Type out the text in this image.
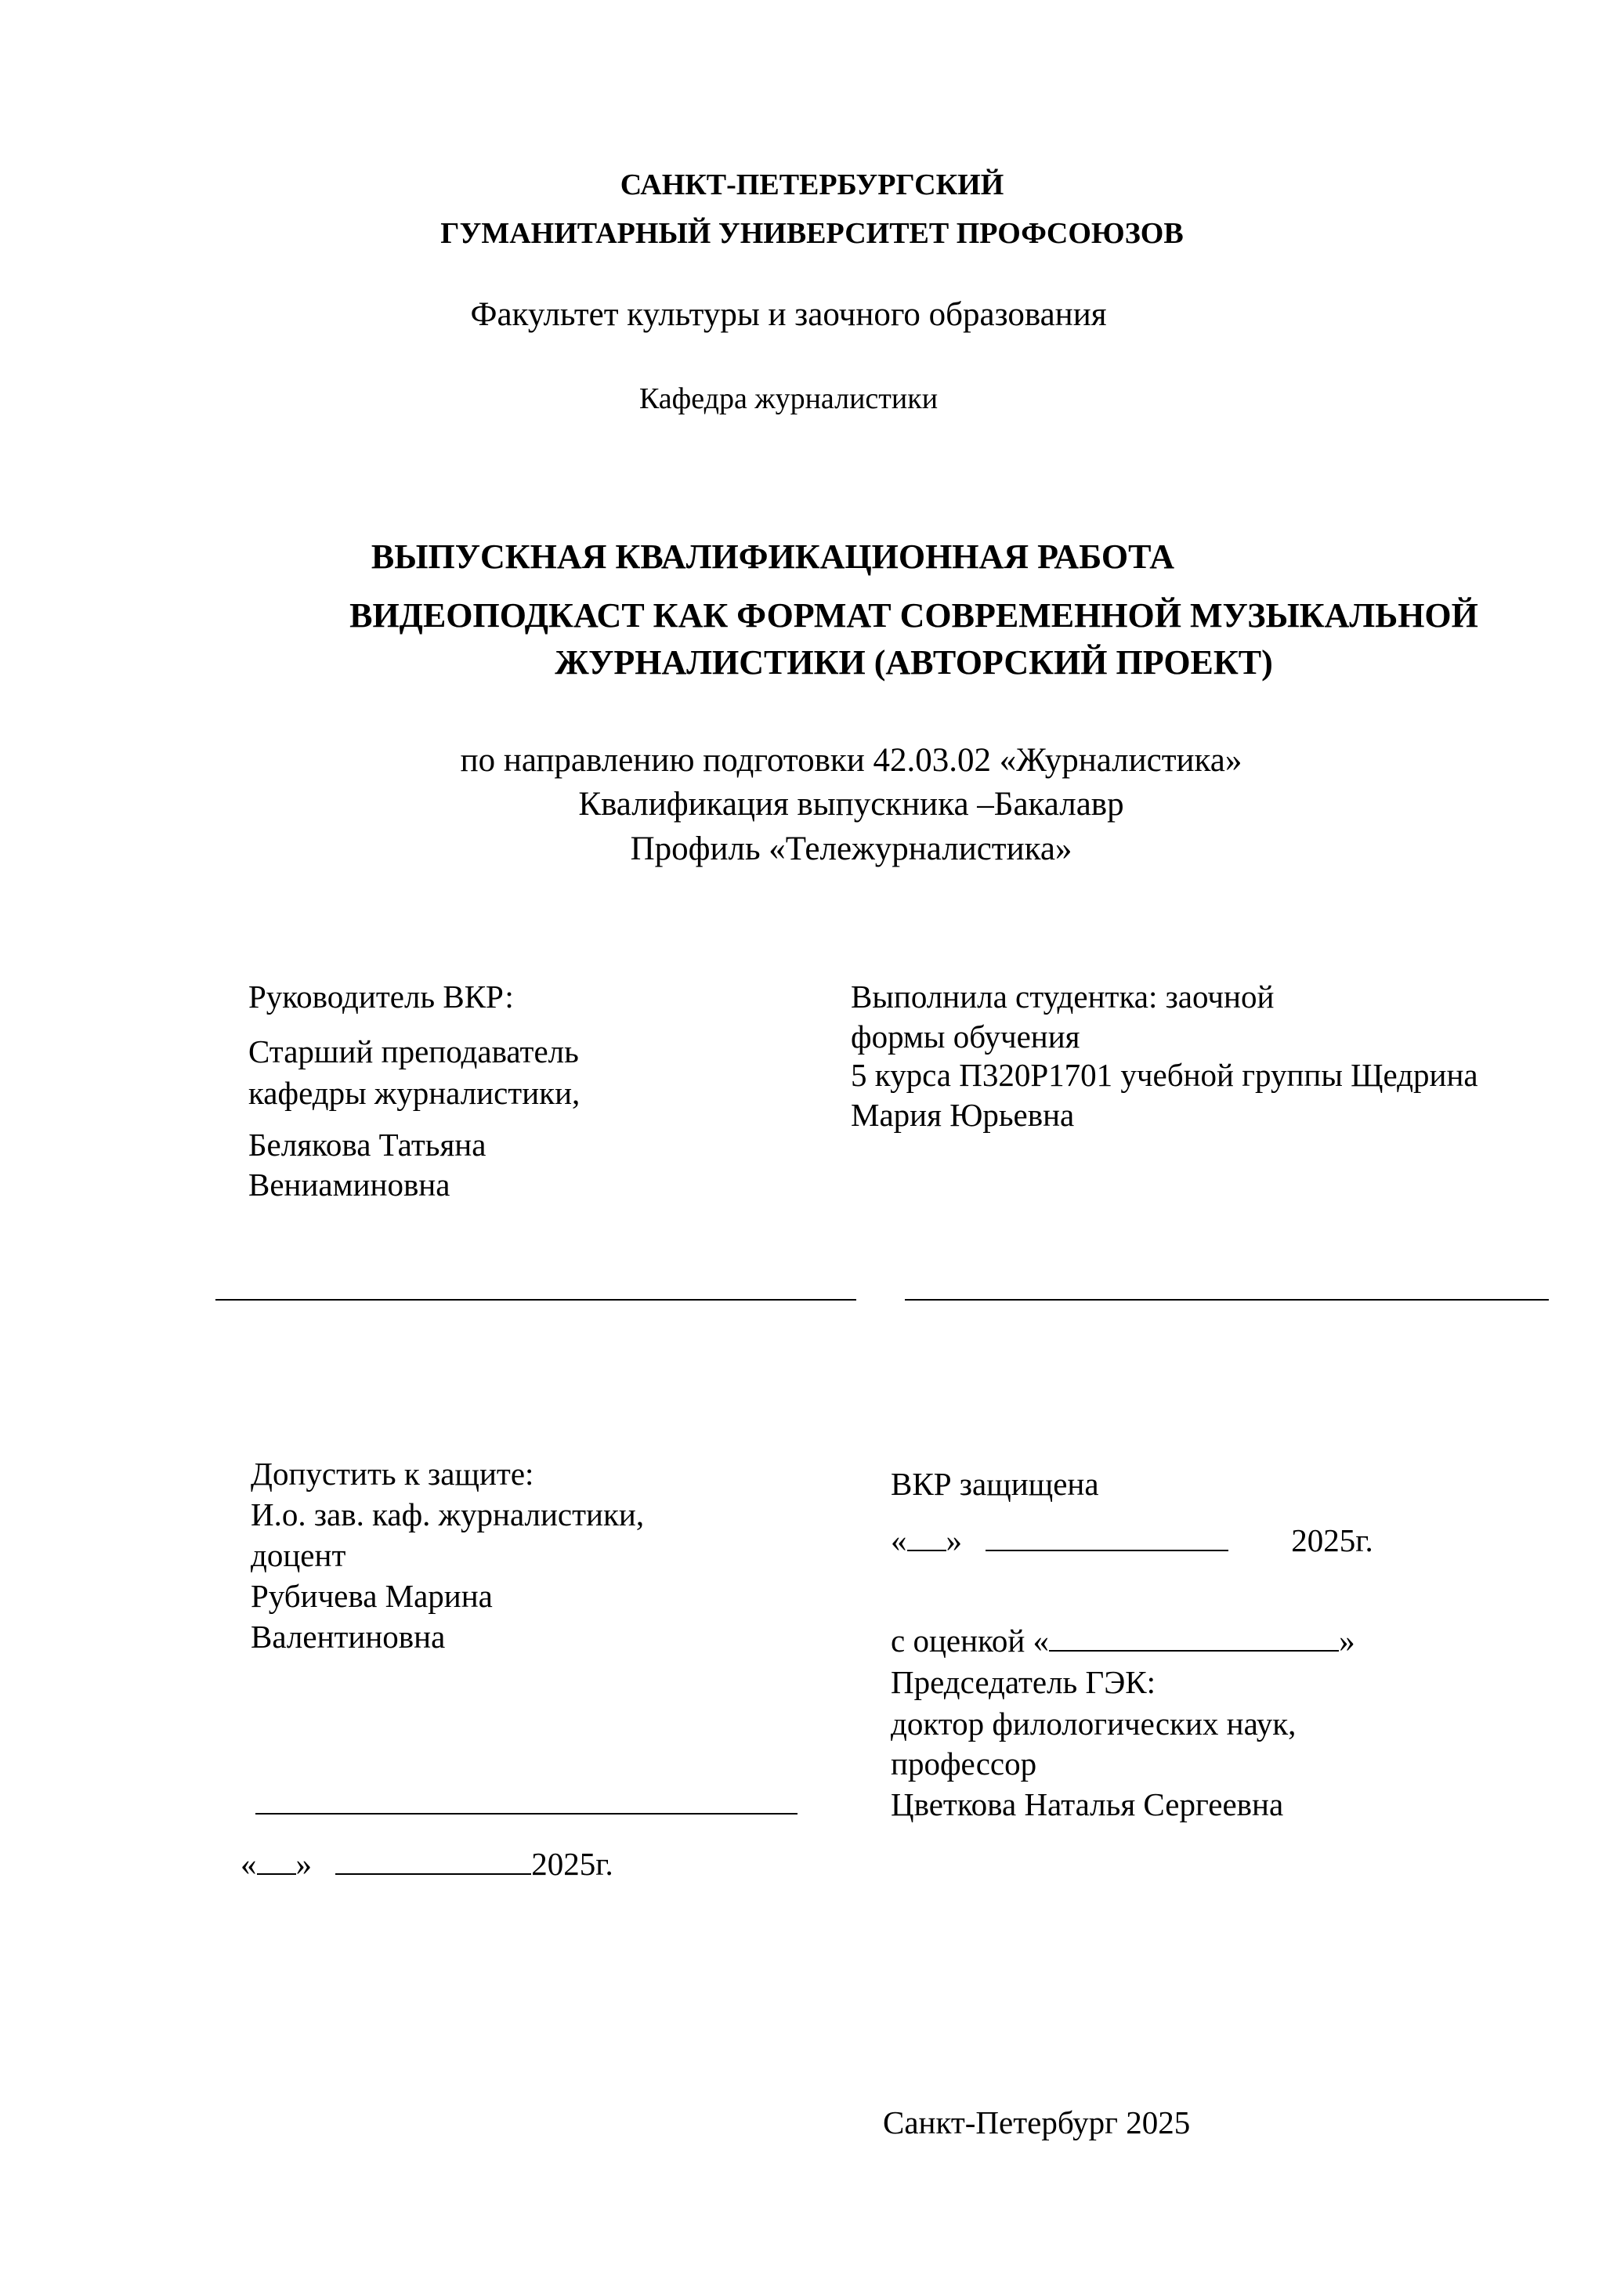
САНКТ-ПЕТЕРБУРГСКИЙ
ГУМАНИТАРНЫЙ УНИВЕРСИТЕТ ПРОФСОЮЗОВ
Факультет культуры и заочного образования
Кафедра журналистики
ВЫПУСКНАЯ КВАЛИФИКАЦИОННАЯ РАБОТА
ВИДЕОПОДКАСТ КАК ФОРМАТ СОВРЕМЕННОЙ МУЗЫКАЛЬНОЙ
ЖУРНАЛИСТИКИ (АВТОРСКИЙ ПРОЕКТ)
по направлению подготовки 42.03.02 «Журналистика»
Квалификация выпускника –Бакалавр
Профиль «Тележурналистика»
Руководитель ВКР:
Старший преподаватель
кафедры журналистики,
Белякова Татьяна
Вениаминовна
Выполнила студентка: заочной
формы обучения
5 курса П320Р1701 учебной группы Щедрина
Мария Юрьевна
Допустить к защите:
И.о. зав. каф. журналистики,
доцент
Рубичева Марина
Валентиновна
« »	2025г.
ВКР защищена
« »	2025г.
с оценкой «	»
Председатель ГЭК:
доктор филологических наук,
профессор
Цветкова Наталья Сергеевна
Санкт-Петербург 2025
